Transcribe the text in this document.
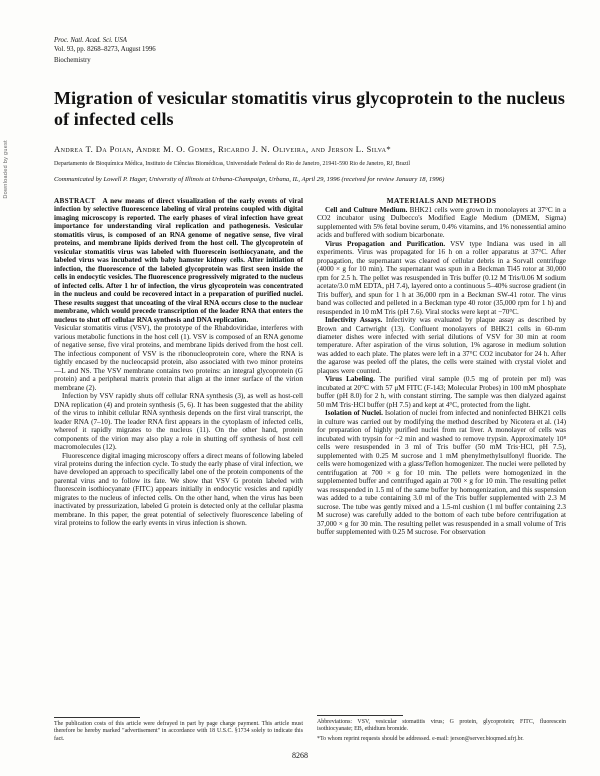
Downloaded by guest
Proc. Natl. Acad. Sci. USA
Vol. 93, pp. 8268–8273, August 1996
Biochemistry
Migration of vesicular stomatitis virus glycoprotein to the nucleus of infected cells
Andrea T. Da Poian, Andre M. O. Gomes, Ricardo J. N. Oliveira, and Jerson L. Silva*
Departamento de Bioquímica Médica, Instituto de Ciências Biomédicas, Universidade Federal do Rio de Janeiro, 21941-590 Rio de Janeiro, RJ, Brazil
Communicated by Lowell P. Hager, University of Illinois at Urbana-Champaign, Urbana, IL, April 29, 1996 (received for review January 18, 1996)

ABSTRACT A new means of direct visualization of the early events of viral infection by selective fluorescence labeling of viral proteins coupled with digital imaging microscopy is reported. The early phases of viral infection have great importance for understanding viral replication and pathogenesis. Vesicular stomatitis virus, is composed of an RNA genome of negative sense, five viral proteins, and membrane lipids derived from the host cell. The glycoprotein of vesicular stomatitis virus was labeled with fluorescein isothiocyanate, and the labeled virus was incubated with baby hamster kidney cells. After initiation of infection, the fluorescence of the labeled glycoprotein was first seen inside the cells in endocytic vesicles. The fluorescence progressively migrated to the nucleus of infected cells. After 1 hr of infection, the virus glycoprotein was concentrated in the nucleus and could be recovered intact in a preparation of purified nuclei. These results suggest that uncoating of the viral RNA occurs close to the nuclear membrane, which would precede transcription of the leader RNA that enters the nucleus to shut off cellular RNA synthesis and DNA replication.

Vesicular stomatitis virus (VSV), the prototype of the Rhabdoviridae, interferes with various metabolic functions in the host cell (1). VSV is composed of an RNA genome of negative sense, five viral proteins, and membrane lipids derived from the host cell. The infectious component of VSV is the ribonucleoprotein core, where the RNA is tightly encased by the nucleocapsid protein, also associated with two minor proteins—L and NS. The VSV membrane contains two proteins: an integral glycoprotein (G protein) and a peripheral matrix protein that align at the inner surface of the virion membrane (2).

Infection by VSV rapidly shuts off cellular RNA synthesis (3), as well as host-cell DNA replication (4) and protein synthesis (5, 6). It has been suggested that the ability of the virus to inhibit cellular RNA synthesis depends on the first viral transcript, the leader RNA (7–10). The leader RNA first appears in the cytoplasm of infected cells, whereof it rapidly migrates to the nucleus (11). On the other hand, protein components of the virion may also play a role in shutting off synthesis of host cell macromolecules (12).

Fluorescence digital imaging microscopy offers a direct means of following labeled viral proteins during the infection cycle. To study the early phase of viral infection, we have developed an approach to specifically label one of the protein components of the parental virus and to follow its fate. We show that VSV G protein labeled with fluorescein isothiocyanate (FITC) appears initially in endocytic vesicles and rapidly migrates to the nucleus of infected cells. On the other hand, when the virus has been inactivated by pressurization, labeled G protein is detected only at the cellular plasma membrane. In this paper, the great potential of selectively fluorescence labeling of viral proteins to follow the early events in virus infection is shown.

MATERIALS AND METHODS

Cell and Culture Medium. BHK21 cells were grown in monolayers at 37°C in a CO2 incubator using Dulbecco's Modified Eagle Medium (DMEM, Sigma) supplemented with 5% fetal bovine serum, 0.4% vitamins, and 1% nonessential amino acids and buffered with sodium bicarbonate.

Virus Propagation and Purification. VSV type Indiana was used in all experiments. Virus was propagated for 16 h on a roller apparatus at 37°C. After propagation, the supernatant was cleared of cellular debris in a Sorvall centrifuge (4000 × g for 10 min). The supernatant was spun in a Beckman Ti45 rotor at 30,000 rpm for 2.5 h. The pellet was resuspended in Tris buffer (0.12 M Tris/0.06 M sodium acetate/3.0 mM EDTA, pH 7.4), layered onto a continuous 5–40% sucrose gradient (in Tris buffer), and spun for 1 h at 36,000 rpm in a Beckman SW-41 rotor. The virus band was collected and pelleted in a Beckman type 40 rotor (35,000 rpm for 1 h) and resuspended in 10 mM Tris (pH 7.6). Viral stocks were kept at −70°C.

Infectivity Assays. Infectivity was evaluated by plaque assay as described by Brown and Cartwright (13). Confluent monolayers of BHK21 cells in 60-mm diameter dishes were infected with serial dilutions of VSV for 30 min at room temperature. After aspiration of the virus solution, 1% agarose in medium solution was added to each plate. The plates were left in a 37°C CO2 incubator for 24 h. After the agarose was peeled off the plates, the cells were stained with crystal violet and plaques were counted.

Virus Labeling. The purified viral sample (0.5 mg of protein per ml) was incubated at 20°C with 57 μM FITC (F-143; Molecular Probes) in 100 mM phosphate buffer (pH 8.0) for 2 h, with constant stirring. The sample was then dialyzed against 50 mM Tris·HCl buffer (pH 7.5) and kept at 4°C, protected from the light.

Isolation of Nuclei. Isolation of nuclei from infected and noninfected BHK21 cells in culture was carried out by modifying the method described by Nicotera et al. (14) for preparation of highly purified nuclei from rat liver. A monolayer of cells was incubated with trypsin for ~2 min and washed to remove trypsin. Approximately 10⁸ cells were resuspended in 3 ml of Tris buffer (50 mM Tris·HCl, pH 7.5), supplemented with 0.25 M sucrose and 1 mM phenylmethylsulfonyl fluoride. The cells were homogenized with a glass/Teflon homogenizer. The nuclei were pelleted by centrifugation at 700 × g for 10 min. The pellets were homogenized in the supplemented buffer and centrifuged again at 700 × g for 10 min. The resulting pellet was resuspended in 1.5 ml of the same buffer by homogenization, and this suspension was added to a tube containing 3.0 ml of the Tris buffer supplemented with 2.3 M sucrose. The tube was gently mixed and a 1.5-ml cushion (1 ml buffer containing 2.3 M sucrose) was carefully added to the bottom of each tube before centrifugation at 37,000 × g for 30 min. The resulting pellet was resuspended in a small volume of Tris buffer supplemented with 0.25 M sucrose. For observation

The publication costs of this article were defrayed in part by page charge payment. This article must therefore be hereby marked "advertisement" in accordance with 18 U.S.C. §1734 solely to indicate this fact.

Abbreviations: VSV, vesicular stomatitis virus; G protein, glycoprotein; FITC, fluorescein isothiocyanate; EB, ethidium bromide.

*To whom reprint requests should be addressed. e-mail: jerson@server.bioqmed.ufrj.br.

8268
